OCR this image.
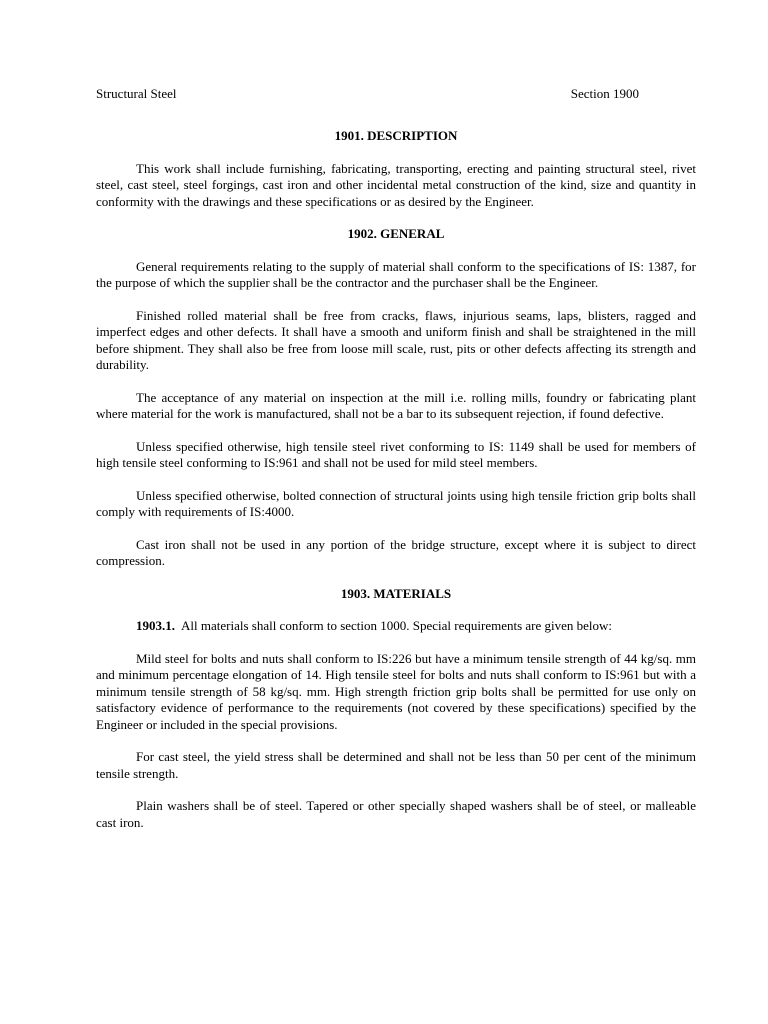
Structural Steel	Section 1900
1901. DESCRIPTION

This work shall include furnishing, fabricating, transporting, erecting and painting structural steel, rivet steel, cast steel, steel forgings, cast iron and other incidental metal construction of the kind, size and quantity in conformity with the drawings and these specifications or as desired by the Engineer.

1902. GENERAL

General requirements relating to the supply of material shall conform to the specifications of IS: 1387, for the purpose of which the supplier shall be the contractor and the purchaser shall be the Engineer.

Finished rolled material shall be free from cracks, flaws, injurious seams, laps, blisters, ragged and imperfect edges and other defects. It shall have a smooth and uniform finish and shall be straightened in the mill before shipment. They shall also be free from loose mill scale, rust, pits or other defects affecting its strength and durability.

The acceptance of any material on inspection at the mill i.e. rolling mills, foundry or fabricating plant where material for the work is manufactured, shall not be a bar to its subsequent rejection, if found defective.

Unless specified otherwise, high tensile steel rivet conforming to IS: 1149 shall be used for members of high tensile steel conforming to IS:961 and shall not be used for mild steel members.

Unless specified otherwise, bolted connection of structural joints using high tensile friction grip bolts shall comply with requirements of IS:4000.

Cast iron shall not be used in any portion of the bridge structure, except where it is subject to direct compression.

1903. MATERIALS

1903.1. All materials shall conform to section 1000. Special requirements are given below:

Mild steel for bolts and nuts shall conform to IS:226 but have a minimum tensile strength of 44 kg/sq. mm and minimum percentage elongation of 14. High tensile steel for bolts and nuts shall conform to IS:961 but with a minimum tensile strength of 58 kg/sq. mm. High strength friction grip bolts shall be permitted for use only on satisfactory evidence of performance to the requirements (not covered by these specifications) specified by the Engineer or included in the special provisions.

For cast steel, the yield stress shall be determined and shall not be less than 50 per cent of the minimum tensile strength.

Plain washers shall be of steel. Tapered or other specially shaped washers shall be of steel, or malleable cast iron.
